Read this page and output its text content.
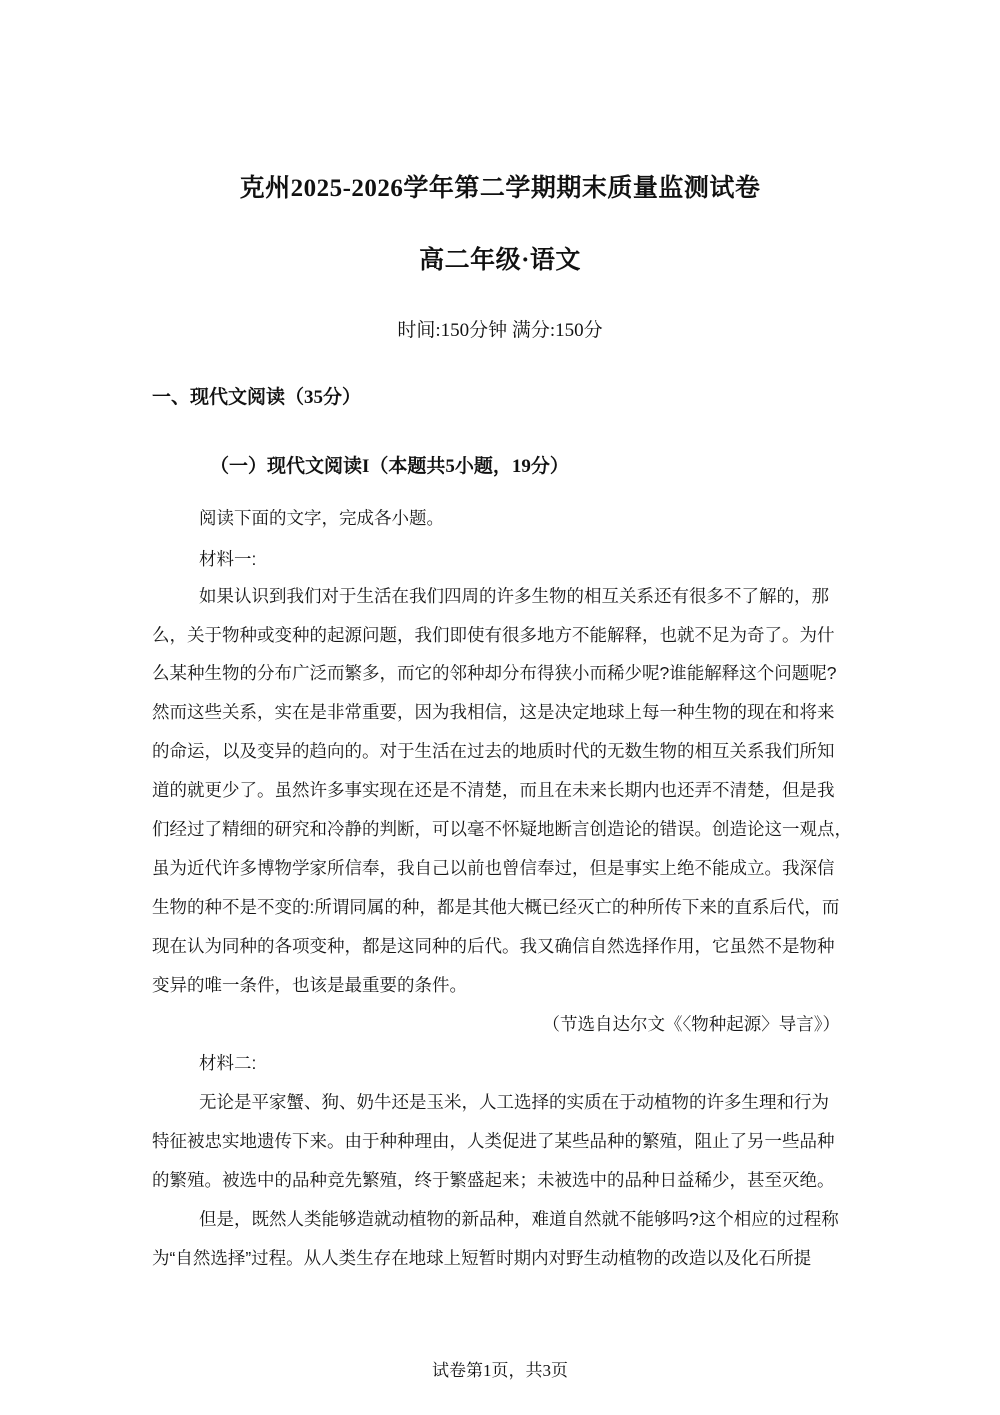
克州2025-2026学年第二学期期末质量监测试卷
高二年级·语文
时间:150分钟 满分:150分
一、现代文阅读（35分）
（一）现代文阅读I（本题共5小题，19分）
阅读下面的文字，完成各小题。
材料一:
如果认识到我们对于生活在我们四周的许多生物的相互关系还有很多不了解的，那
么，关于物种或变种的起源问题，我们即使有很多地方不能解释，也就不足为奇了。为什
么某种生物的分布广泛而繁多，而它的邻种却分布得狭小而稀少呢?谁能解释这个问题呢?
然而这些关系，实在是非常重要，因为我相信，这是决定地球上每一种生物的现在和将来
的命运，以及变异的趋向的。对于生活在过去的地质时代的无数生物的相互关系我们所知
道的就更少了。虽然许多事实现在还是不清楚，而且在未来长期内也还弄不清楚，但是我
们经过了精细的研究和冷静的判断，可以毫不怀疑地断言创造论的错误。创造论这一观点，
虽为近代许多博物学家所信奉，我自己以前也曾信奉过，但是事实上绝不能成立。我深信
生物的种不是不变的:所谓同属的种，都是其他大概已经灭亡的种所传下来的直系后代，而
现在认为同种的各项变种，都是这同种的后代。我又确信自然选择作用，它虽然不是物种
变异的唯一条件，也该是最重要的条件。
（节选自达尔文《〈物种起源〉导言》）
材料二:
无论是平家蟹、狗、奶牛还是玉米，人工选择的实质在于动植物的许多生理和行为
特征被忠实地遗传下来。由于种种理由，人类促进了某些品种的繁殖，阻止了另一些品种
的繁殖。被选中的品种竞先繁殖，终于繁盛起来；未被选中的品种日益稀少，甚至灭绝。
但是，既然人类能够造就动植物的新品种，难道自然就不能够吗?这个相应的过程称
为“自然选择”过程。从人类生存在地球上短暂时期内对野生动植物的改造以及化石所提
试卷第1页，共3页
